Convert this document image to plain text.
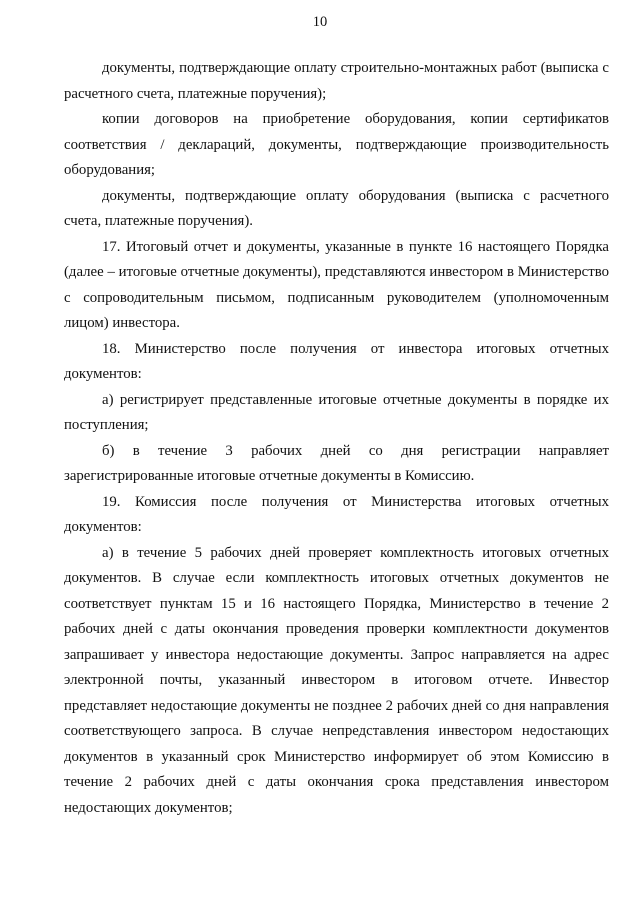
10

документы, подтверждающие оплату строительно-монтажных работ (выписка с расчетного счета, платежные поручения);

копии договоров на приобретение оборудования, копии сертификатов соответствия / деклараций, документы, подтверждающие производительность оборудования;

документы, подтверждающие оплату оборудования (выписка с расчетного счета, платежные поручения).

17. Итоговый отчет и документы, указанные в пункте 16 настоящего Порядка (далее – итоговые отчетные документы), представляются инвестором в Министерство с сопроводительным письмом, подписанным руководителем (уполномоченным лицом) инвестора.

18. Министерство после получения от инвестора итоговых отчетных документов:

а) регистрирует представленные итоговые отчетные документы в порядке их поступления;

б) в течение 3 рабочих дней со дня регистрации направляет зарегистрированные итоговые отчетные документы в Комиссию.

19. Комиссия после получения от Министерства итоговых отчетных документов:

а) в течение 5 рабочих дней проверяет комплектность итоговых отчетных документов. В случае если комплектность итоговых отчетных документов не соответствует пунктам 15 и 16 настоящего Порядка, Министерство в течение 2 рабочих дней с даты окончания проведения проверки комплектности документов запрашивает у инвестора недостающие документы. Запрос направляется на адрес электронной почты, указанный инвестором в итоговом отчете. Инвестор представляет недостающие документы не позднее 2 рабочих дней со дня направления соответствующего запроса. В случае непредставления инвестором недостающих документов в указанный срок Министерство информирует об этом Комиссию в течение 2 рабочих дней с даты окончания срока представления инвестором недостающих документов;
